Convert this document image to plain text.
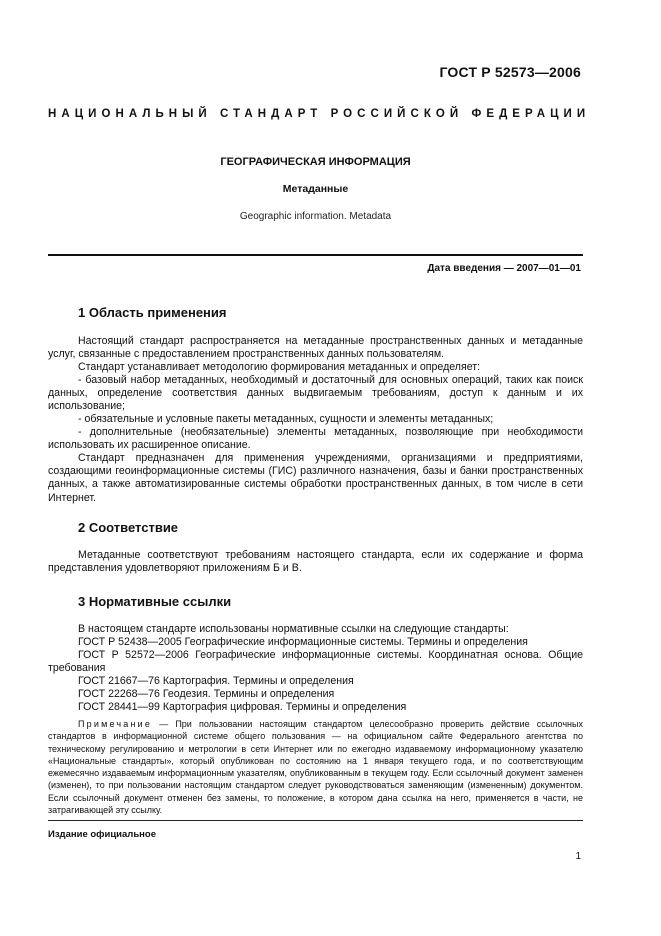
ГОСТ Р 52573—2006
НАЦИОНАЛЬНЫЙ СТАНДАРТ РОССИЙСКОЙ ФЕДЕРАЦИИ
ГЕОГРАФИЧЕСКАЯ ИНФОРМАЦИЯ
Метаданные
Geographic information. Metadata
Дата введения — 2007—01—01
1 Область применения
Настоящий стандарт распространяется на метаданные пространственных данных и метаданные услуг, связанные с предоставлением пространственных данных пользователям.
Стандарт устанавливает методологию формирования метаданных и определяет:
- базовый набор метаданных, необходимый и достаточный для основных операций, таких как поиск данных, определение соответствия данных выдвигаемым требованиям, доступ к данным и их использование;
- обязательные и условные пакеты метаданных, сущности и элементы метаданных;
- дополнительные (необязательные) элементы метаданных, позволяющие при необходимости использовать их расширенное описание.
Стандарт предназначен для применения учреждениями, организациями и предприятиями, создающими геоинформационные системы (ГИС) различного назначения, базы и банки пространственных данных, а также автоматизированные системы обработки пространственных данных, в том числе в сети Интернет.
2 Соответствие
Метаданные соответствуют требованиям настоящего стандарта, если их содержание и форма представления удовлетворяют приложениям Б и В.
3 Нормативные ссылки
В настоящем стандарте использованы нормативные ссылки на следующие стандарты:
ГОСТ Р 52438—2005 Географические информационные системы. Термины и определения
ГОСТ Р 52572—2006 Географические информационные системы. Координатная основа. Общие требования
ГОСТ 21667—76 Картография. Термины и определения
ГОСТ 22268—76 Геодезия. Термины и определения
ГОСТ 28441—99 Картография цифровая. Термины и определения
Примечание — При пользовании настоящим стандартом целесообразно проверить действие ссылочных стандартов в информационной системе общего пользования — на официальном сайте Федерального агентства по техническому регулированию и метрологии в сети Интернет или по ежегодно издаваемому информационному указателю «Национальные стандарты», который опубликован по состоянию на 1 января текущего года, и по соответствующим ежемесячно издаваемым информационным указателям, опубликованным в текущем году. Если ссылочный документ заменен (изменен), то при пользовании настоящим стандартом следует руководствоваться заменяющим (измененным) документом. Если ссылочный документ отменен без замены, то положение, в котором дана ссылка на него, применяется в части, не затрагивающей эту ссылку.
Издание официальное
1
